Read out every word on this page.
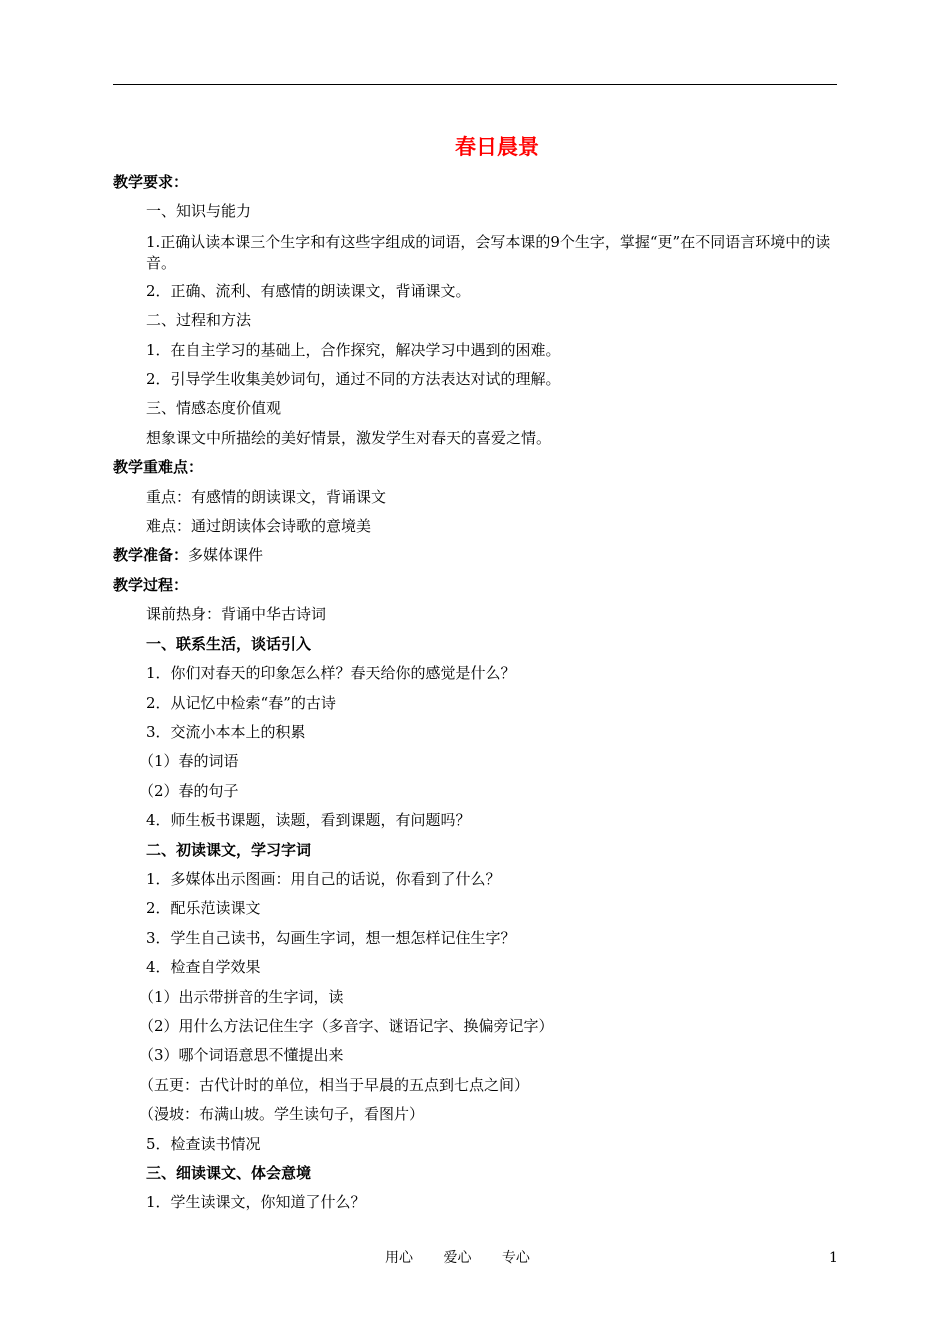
春日晨景
教学要求：
一、知识与能力
1.正确认读本课三个生字和有这些字组成的词语，会写本课的9个生字，掌握“更”在不同语言环境中的读音。
2．正确、流利、有感情的朗读课文，背诵课文。
二、过程和方法
1．在自主学习的基础上，合作探究，解决学习中遇到的困难。
2．引导学生收集美妙词句，通过不同的方法表达对试的理解。
三、情感态度价值观
想象课文中所描绘的美好情景，激发学生对春天的喜爱之情。
教学重难点：
重点：有感情的朗读课文，背诵课文
难点：通过朗读体会诗歌的意境美
教学准备：多媒体课件
教学过程：
课前热身：背诵中华古诗词
一、联系生活，谈话引入
1．你们对春天的印象怎么样？春天给你的感觉是什么？
2．从记忆中检索“春”的古诗
3．交流小本本上的积累
（1）春的词语
（2）春的句子
4．师生板书课题，读题，看到课题，有问题吗？
二、初读课文，学习字词
1．多媒体出示图画：用自己的话说，你看到了什么？
2．配乐范读课文
3．学生自己读书，勾画生字词，想一想怎样记住生字？
4．检查自学效果
（1）出示带拼音的生字词，读
（2）用什么方法记住生字（多音字、谜语记字、换偏旁记字）
（3）哪个词语意思不懂提出来
（五更：古代计时的单位，相当于早晨的五点到七点之间）
（漫坡：布满山坡。学生读句子，看图片）
5．检查读书情况
三、细读课文、体会意境
1．学生读课文，你知道了什么？
用心 爱心 专心	1
